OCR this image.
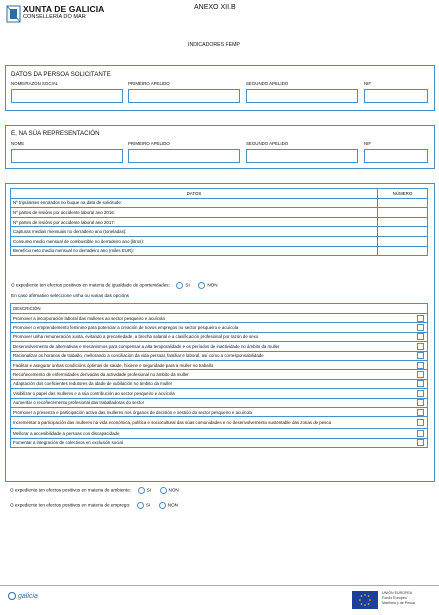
XUNTA DE GALICIA
CONSELLERÍA DO MAR
ANEXO XII.B
INDICADORES FEMP
DATOS DA PERSOA SOLICITANTE
NOME/RAZÓN SOCIAL	PRIMEIRO APELIDO	SEGUNDO APELIDO	NIF
E, NA SÚA REPRESENTACIÓN
NOME	PRIMEIRO APELIDO	SEGUNDO APELIDO	NIF
DATOS	NÚMERO
Nº tripulantes enrolados no buque na data de solicitude:	
Nº partes de lesións por accidente laboral ano 2016:	
Nº partes de lesións por accidente laboral ano 2017:	
Capturas medias mensuais no derradeiro ano (toneladas):	
Consumo medio mensual de combustible no derradeiro ano (litros):	
Beneficio neto medio mensual no derradeiro ano (miles EUR):	
O expediente ten efectos positivos en materia de igualdade de oportunidades:	SI	NON
En caso afirmativo seleccione unha ou varias das opcións
DESCRICIÓN	
Promover a incorporación laboral das mulleres ao sector pesqueiro e acuícola	
Promover o emprendemento feminino para potenciar a creación de novos empregos no sector pesqueiro e acuícola	
Promover unha remuneración xusta, evitando a precariedade, a brecha salarial e a clasificación profesional por razón de sexo	
Desenvolvemento de alternativas e mecanismos para compensar a alta temporalidade e os períodos de inactividade no ámbito da muller	
Racionalizar os horarios de traballo, mellorando a conciliación da vida persoal, familiar e laboral, así como a corresponsabilidade	
Facilitar e asegurar unhas condicións óptimas de saúde, hixiene e seguridade para a muller no traballo	
Recoñecemento de enfermidades derivadas da actividade profesional no ámbito da muller	
Adaptación dos coeficientes redutores da idade de xubilación no ámbito da muller	
Visibilizar o papel das mulleres e a súa contribución ao sector pesqueiro e acuícola	
Aumentar o recoñecemento profesional das traballadoras do sector	
Promover a presenza e participación activa das mulleres nos órganos de decisión e xestión do sector pesqueiro e acuícola	
Incrementar a participación das mulleres na vida económica, política e sociocultural das súas comunidades e no desenvolvemento sustentable das zonas de pesca	
Mellorar a accesibilidade a persoas con discapacidade	
Fomentar a integración de colectivos en exclusión social	
O expediente ten efectos positivos en materia de ambiente:	SI	NON
O expediente ten efectos positivos en materia de emprego:	SI	NON
galicia	UNIÓN EUROPEA
Fondo Europeo
Marítimo y de Pesca
